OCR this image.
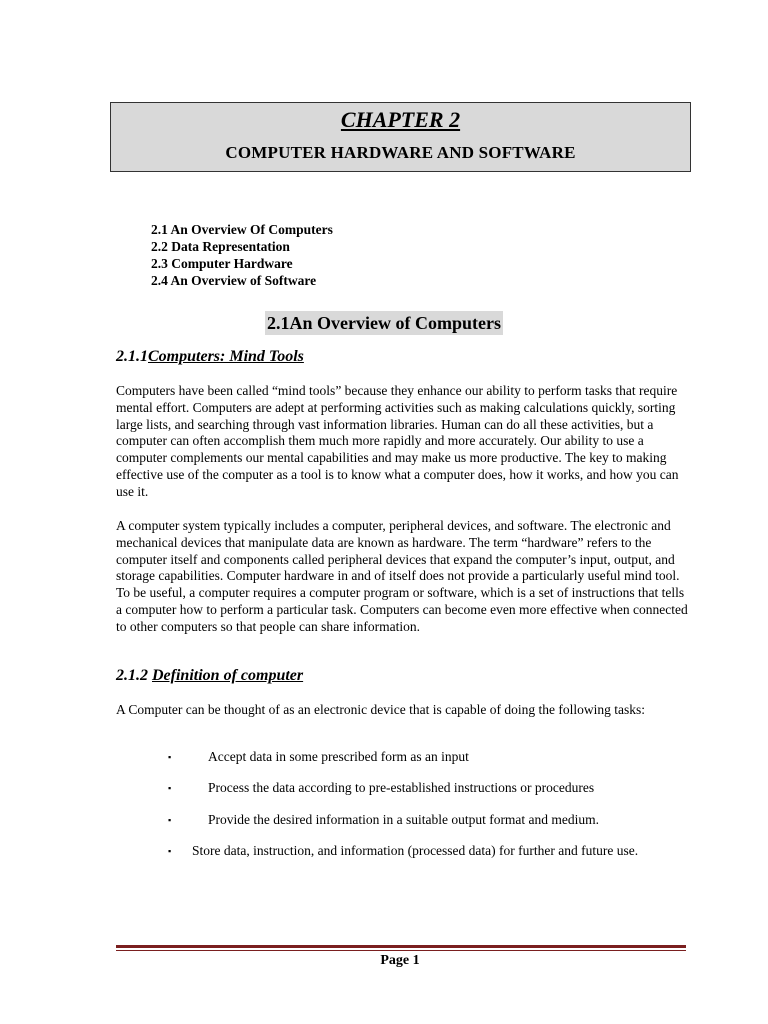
CHAPTER 2

COMPUTER HARDWARE AND SOFTWARE

2.1 An Overview Of Computers
2.2 Data Representation
2.3 Computer Hardware
2.4 An Overview of Software
2.1An Overview of Computers
2.1.1Computers: Mind Tools

Computers have been called “mind tools” because they enhance our ability to perform tasks that require mental effort. Computers are adept at performing activities such as making calculations quickly, sorting large lists, and searching through vast information libraries. Human can do all these activities, but a computer can often accomplish them much more rapidly and more accurately. Our ability to use a computer complements our mental capabilities and may make us more productive. The key to making effective use of the computer as a tool is to know what a computer does, how it works, and how you can use it.

A computer system typically includes a computer, peripheral devices, and software. The electronic and mechanical devices that manipulate data are known as hardware. The term “hardware” refers to the computer itself and components called peripheral devices that expand the computer’s input, output, and storage capabilities. Computer hardware in and of itself does not provide a particularly useful mind tool. To be useful, a computer requires a computer program or software, which is a set of instructions that tells a computer how to perform a particular task. Computers can become even more effective when connected to other computers so that people can share information.

2.1.2 Definition of computer

A Computer can be thought of as an electronic device that is capable of doing the following tasks:

▪	Accept data in some prescribed form as an input
▪	Process the data according to pre-established instructions or procedures
▪	Provide the desired information in a suitable output format and medium.
▪ Store data, instruction, and information (processed data) for further and future use.
Page 1
